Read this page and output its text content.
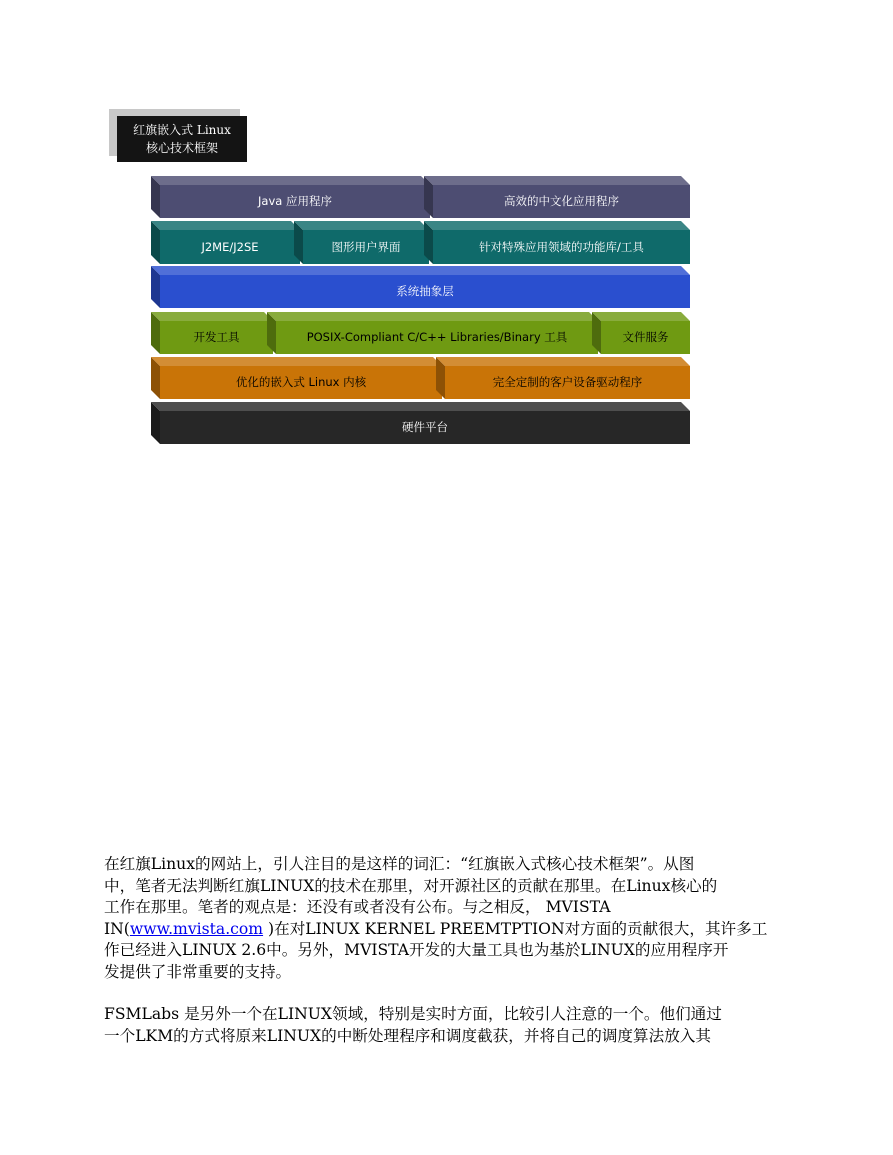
红旗嵌入式 Linux
核心技术框架
Java 应用程序	高效的中文化应用程序
J2ME/J2SE	图形用户界面	针对特殊应用领域的功能库/工具
系统抽象层
开发工具	POSIX-Compliant C/C++ Libraries/Binary 工具	文件服务
优化的嵌入式 Linux 内核	完全定制的客户设备驱动程序
硬件平台
在红旗Linux的网站上，引人注目的是这样的词汇：“红旗嵌入式核心技术框架”。从图
中，笔者无法判断红旗LINUX的技术在那里，对开源社区的贡献在那里。在Linux核心的
工作在那里。笔者的观点是：还没有或者没有公布。与之相反， MVISTA
IN(www.mvista.com )在对LINUX KERNEL PREEMTPTION对方面的贡献很大，其许多工
作已经进入LINUX 2.6中。另外，MVISTA开发的大量工具也为基於LINUX的应用程序开
发提供了非常重要的支持。
FSMLabs 是另外一个在LINUX领域，特别是实时方面，比较引人注意的一个。他们通过
一个LKM的方式将原来LINUX的中断处理程序和调度截获，并将自己的调度算法放入其
